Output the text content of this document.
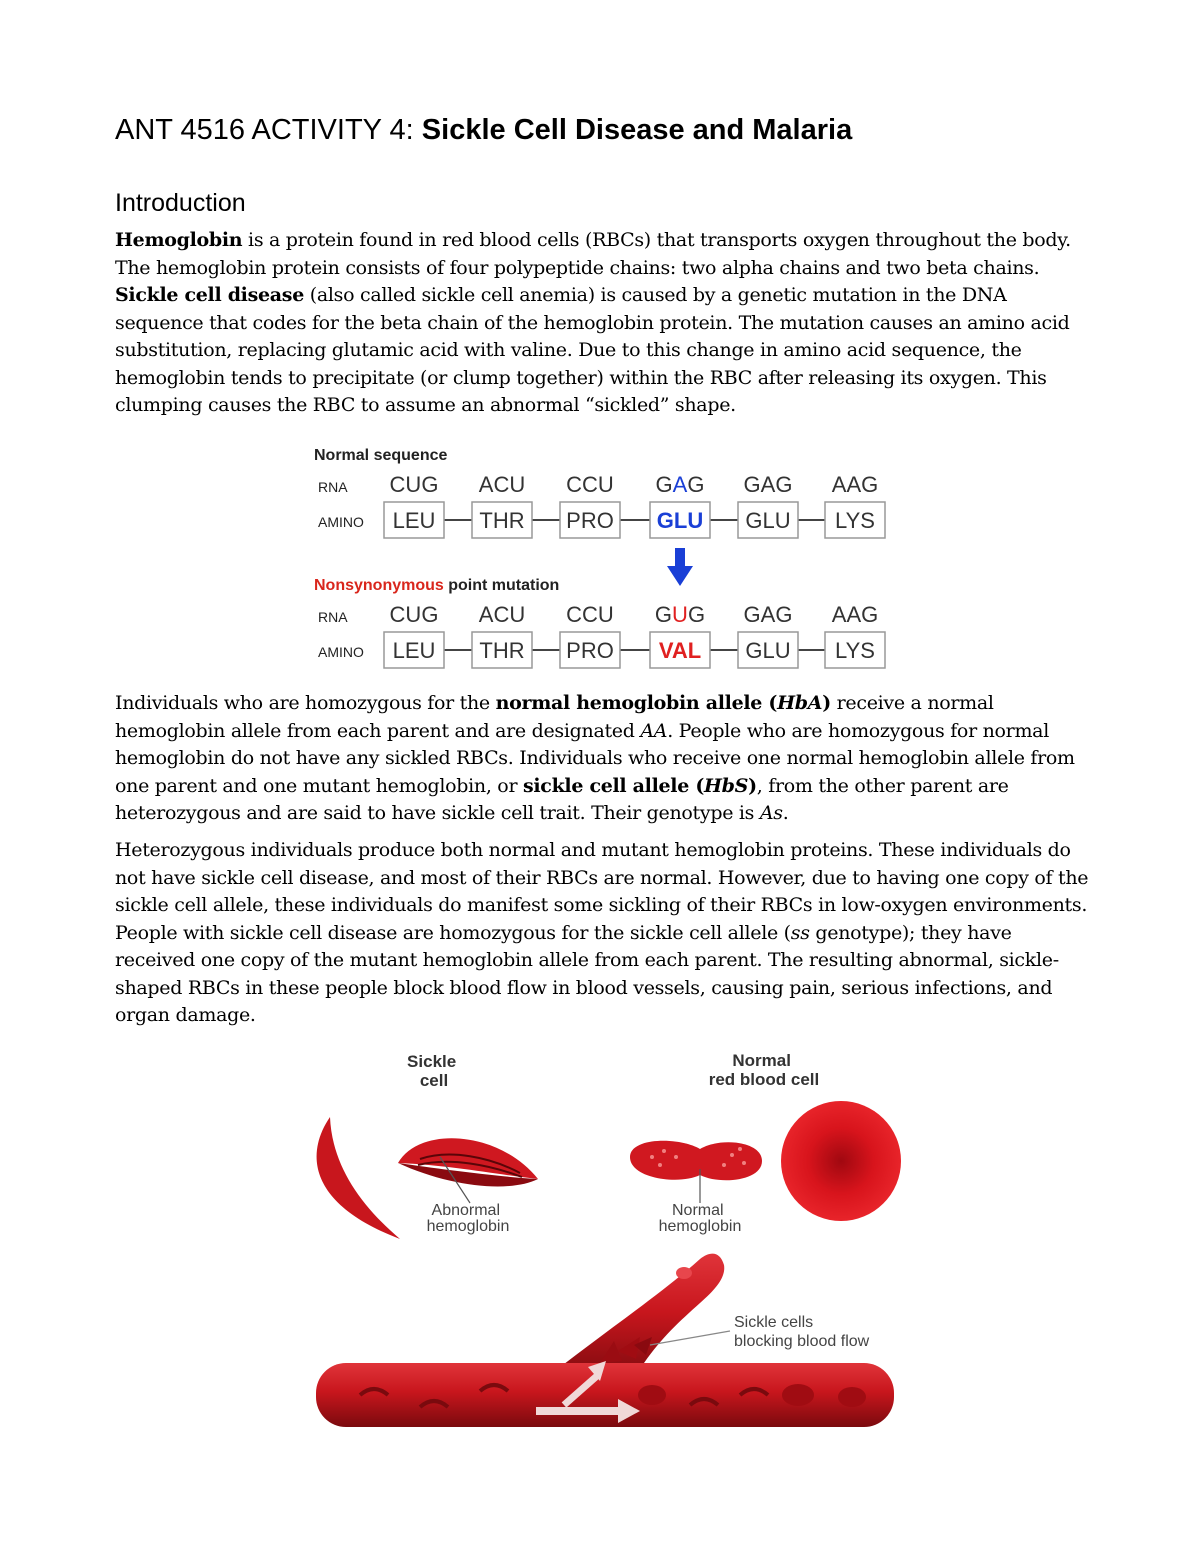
ANT 4516 ACTIVITY 4: Sickle Cell Disease and Malaria
Introduction
Hemoglobin is a protein found in red blood cells (RBCs) that transports oxygen throughout the body. The hemoglobin protein consists of four polypeptide chains: two alpha chains and two beta chains. Sickle cell disease (also called sickle cell anemia) is caused by a genetic mutation in the DNA sequence that codes for the beta chain of the hemoglobin protein. The mutation causes an amino acid substitution, replacing glutamic acid with valine. Due to this change in amino acid sequence, the hemoglobin tends to precipitate (or clump together) within the RBC after releasing its oxygen. This clumping causes the RBC to assume an abnormal “sickled” shape.
Normal sequence
RNA CUG ACU CCU GAG GAG AAG
AMINO LEU THR PRO GLU GLU LYS
Nonsynonymous point mutation
RNA CUG ACU CCU GUG GAG AAG
AMINO LEU THR PRO VAL GLU LYS
Individuals who are homozygous for the normal hemoglobin allele (HbA) receive a normal hemoglobin allele from each parent and are designated AA. People who are homozygous for normal hemoglobin do not have any sickled RBCs. Individuals who receive one normal hemoglobin allele from one parent and one mutant hemoglobin, or sickle cell allele (HbS), from the other parent are heterozygous and are said to have sickle cell trait. Their genotype is As.
Heterozygous individuals produce both normal and mutant hemoglobin proteins. These individuals do not have sickle cell disease, and most of their RBCs are normal. However, due to having one copy of the sickle cell allele, these individuals do manifest some sickling of their RBCs in low-oxygen environments. People with sickle cell disease are homozygous for the sickle cell allele (ss genotype); they have received one copy of the mutant hemoglobin allele from each parent. The resulting abnormal, sickle-shaped RBCs in these people block blood flow in blood vessels, causing pain, serious infections, and organ damage.
Sickle cell
Normal red blood cell
Abnormal hemoglobin
Normal hemoglobin
Sickle cells blocking blood flow
